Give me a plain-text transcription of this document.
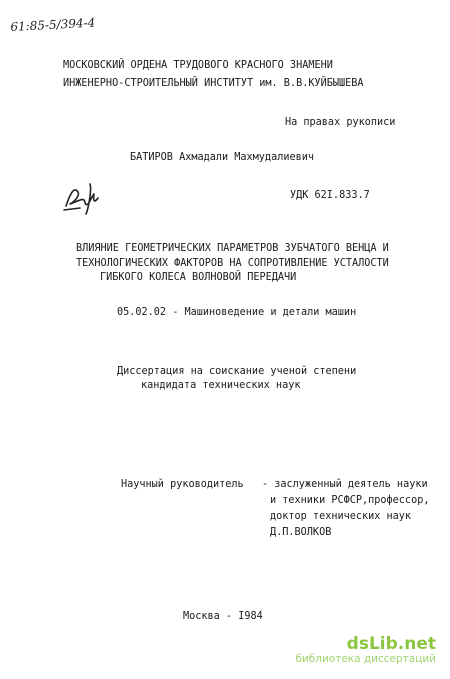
61:85-5/394-4
МОСКОВСКИЙ ОРДЕНА ТРУДОВОГО КРАСНОГО ЗНАМЕНИ
ИНЖЕНЕРНО-СТРОИТЕЛЬНЫЙ ИНСТИТУТ им. В.В.КУЙБЫШЕВА
На правах рукописи
БАТИРОВ Ахмадали Махмудалиевич
УДК 62I.833.7
ВЛИЯНИЕ ГЕОМЕТРИЧЕСКИХ ПАРАМЕТРОВ ЗУБЧАТОГО ВЕНЦА И
ТЕХНОЛОГИЧЕСКИХ ФАКТОРОВ НА СОПРОТИВЛЕНИЕ УСТАЛОСТИ
ГИБКОГО КОЛЕСА ВОЛНОВОЙ ПЕРЕДАЧИ
05.02.02 - Машиноведение и детали машин
Диссертация на соискание ученой степени
кандидата технических наук
Научный руководитель - заслуженный деятель науки
и техники РСФСР,профессор,
доктор технических наук
Д.П.ВОЛКОВ
Москва - I984
dsLib.net
библиотека диссертаций
